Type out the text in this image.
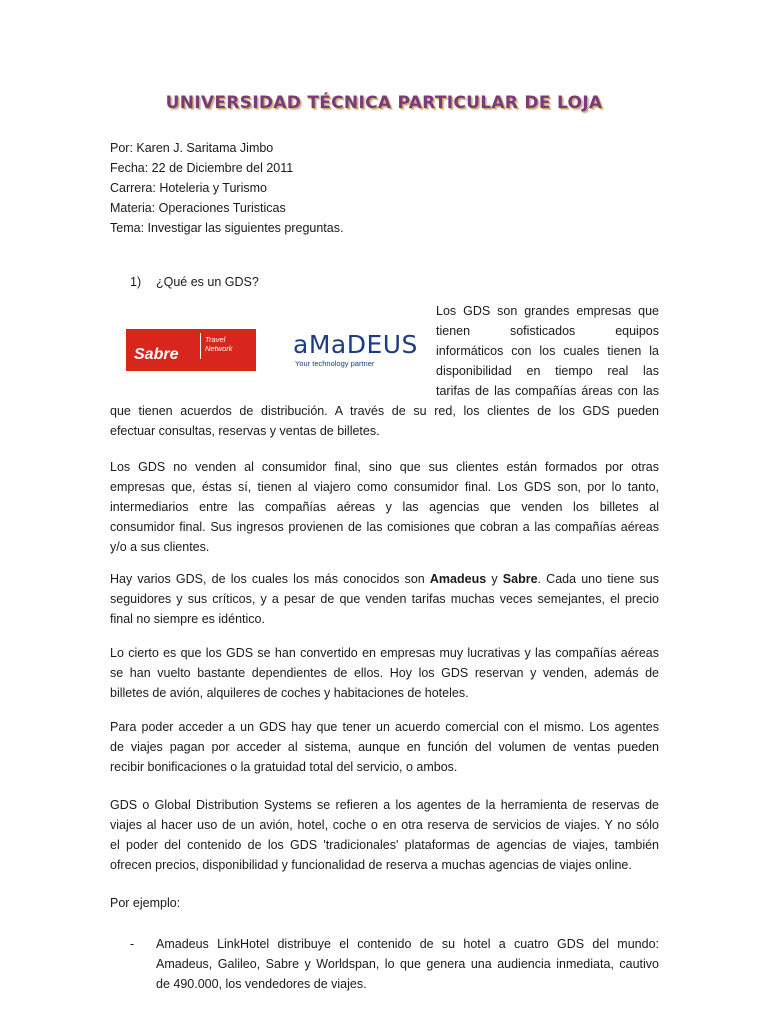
UNIVERSIDAD TÉCNICA PARTICULAR DE LOJA
Por: Karen J. Saritama Jimbo
Fecha: 22 de Diciembre del 2011
Carrera: Hoteleria y Turismo
Materia: Operaciones Turisticas
Tema: Investigar las siguientes preguntas.
1) ¿Qué es un GDS?
Sabre
Travel
Network	aMaDEUS
Your technology partner
Los GDS son grandes empresas que
tienen sofisticados equipos
informáticos con los cuales tienen la
disponibilidad en tiempo real las
tarifas de las compañías áreas con las
que tienen acuerdos de distribución. A través de su red, los clientes de los GDS pueden
efectuar consultas, reservas y ventas de billetes.
Los GDS no venden al consumidor final, sino que sus clientes están formados por otras
empresas que, éstas sí, tienen al viajero como consumidor final. Los GDS son, por lo tanto,
intermediarios entre las compañías aéreas y las agencias que venden los billetes al
consumidor final. Sus ingresos provienen de las comisiones que cobran a las compañías aéreas
y/o a sus clientes.
Hay varios GDS, de los cuales los más conocidos son Amadeus y Sabre. Cada uno tiene sus
seguidores y sus críticos, y a pesar de que venden tarifas muchas veces semejantes, el precio
final no siempre es idéntico.
Lo cierto es que los GDS se han convertido en empresas muy lucrativas y las compañías aéreas
se han vuelto bastante dependientes de ellos. Hoy los GDS reservan y venden, además de
billetes de avión, alquileres de coches y habitaciones de hoteles.
Para poder acceder a un GDS hay que tener un acuerdo comercial con el mismo. Los agentes
de viajes pagan por acceder al sistema, aunque en función del volumen de ventas pueden
recibir bonificaciones o la gratuidad total del servicio, o ambos.
GDS o Global Distribution Systems se refieren a los agentes de la herramienta de reservas de
viajes al hacer uso de un avión, hotel, coche o en otra reserva de servicios de viajes. Y no sólo
el poder del contenido de los GDS 'tradicionales' plataformas de agencias de viajes, también
ofrecen precios, disponibilidad y funcionalidad de reserva a muchas agencias de viajes online.
Por ejemplo:
- Amadeus LinkHotel distribuye el contenido de su hotel a cuatro GDS del mundo:
Amadeus, Galileo, Sabre y Worldspan, lo que genera una audiencia inmediata, cautivo
de 490.000, los vendedores de viajes.
